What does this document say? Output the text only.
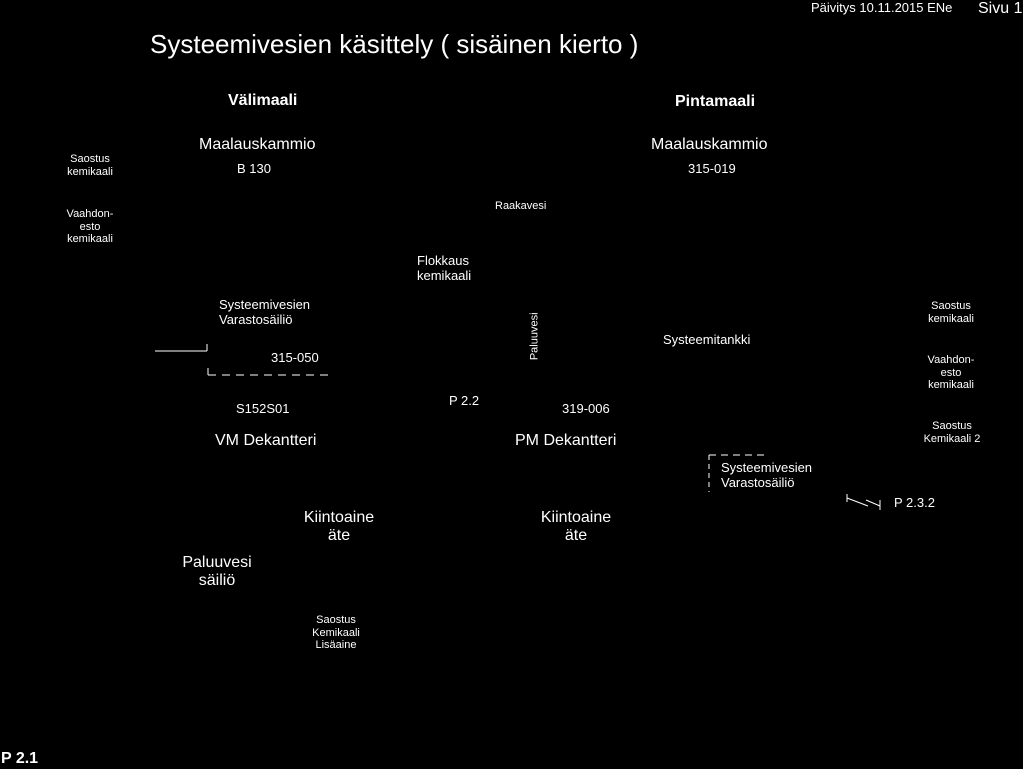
Päivitys 10.11.2015 ENe Sivu 1
Systeemivesien käsittely ( sisäinen kierto )
Välimaali	Pintamaali
Saostus
kemikaali
Vaahdon-
esto
kemikaali
Maalauskammio
B 130
Maalauskammio
315-019
Raakavesi
Flokkaus
kemikaali
Systeemivesien
Varastosäiliö
315-050	Paluuvesi	Systeemitankki
Saostus
kemikaali
Vaahdon-
esto
kemikaali
Saostus
Kemikaali 2
S152S01
VM Dekantteri
P 2.2
319-006
PM Dekantteri
Systeemivesien
Varastosäiliö
P 2.3.2
Kiintoaine
äte
Kiintoaine
äte
Paluuvesi
säiliö
Saostus
Kemikaali
Lisäaine
P 2.1
